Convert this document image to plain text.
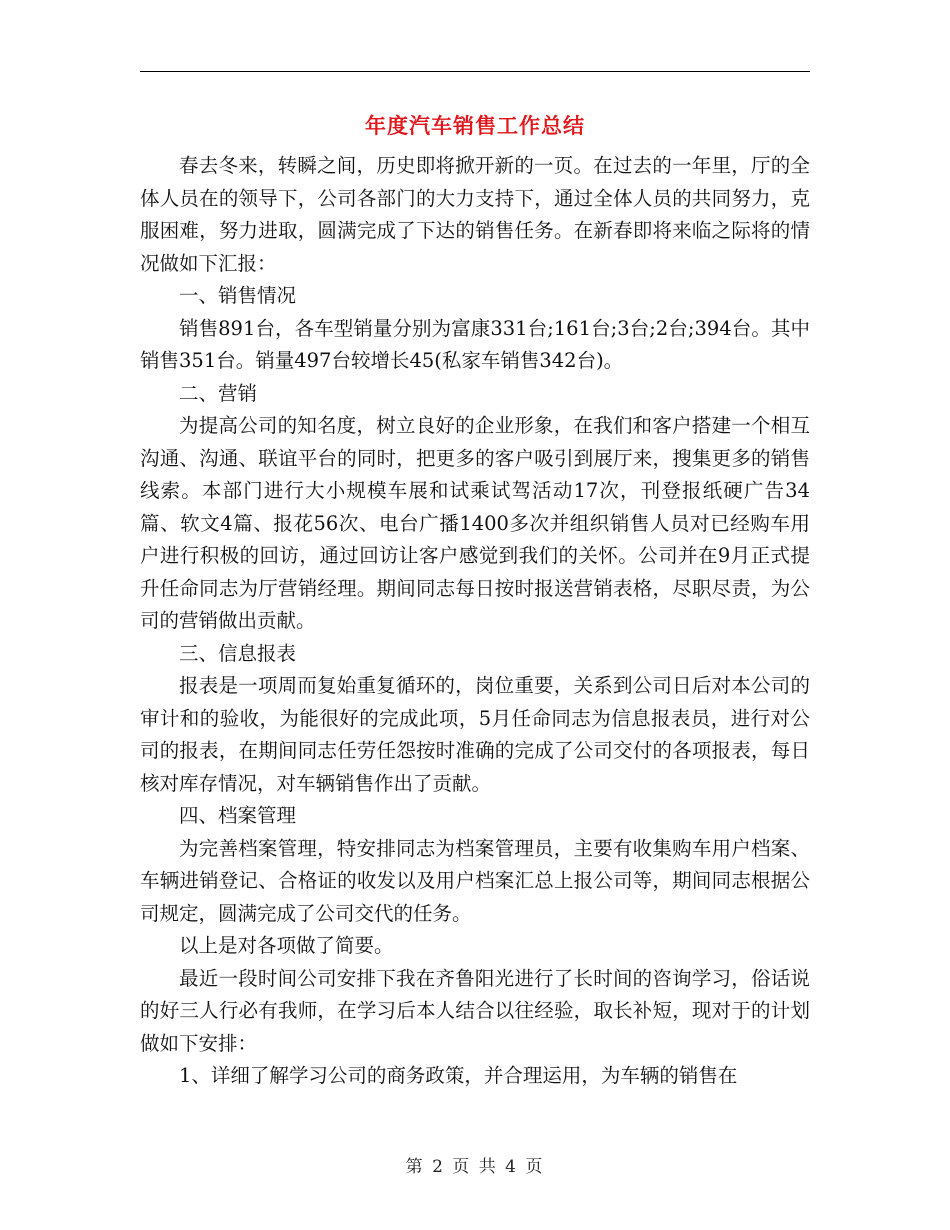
年度汽车销售工作总结

春去冬来，转瞬之间，历史即将掀开新的一页。在过去的一年里，厅的全体人员在的领导下，公司各部门的大力支持下，通过全体人员的共同努力，克服困难，努力进取，圆满完成了下达的销售任务。在新春即将来临之际将的情况做如下汇报：

一、销售情况

销售891台，各车型销量分别为富康331台;161台;3台;2台;394台。其中销售351台。销量497台较增长45(私家车销售342台)。

二、营销

为提高公司的知名度，树立良好的企业形象，在我们和客户搭建一个相互沟通、沟通、联谊平台的同时，把更多的客户吸引到展厅来，搜集更多的销售线索。本部门进行大小规模车展和试乘试驾活动17次，刊登报纸硬广告34篇、软文4篇、报花56次、电台广播1400多次并组织销售人员对已经购车用户进行积极的回访，通过回访让客户感觉到我们的关怀。公司并在9月正式提升任命同志为厅营销经理。期间同志每日按时报送营销表格，尽职尽责，为公司的营销做出贡献。

三、信息报表

报表是一项周而复始重复循环的，岗位重要，关系到公司日后对本公司的审计和的验收，为能很好的完成此项，5月任命同志为信息报表员，进行对公司的报表，在期间同志任劳任怨按时准确的完成了公司交付的各项报表，每日核对库存情况，对车辆销售作出了贡献。

四、档案管理

为完善档案管理，特安排同志为档案管理员，主要有收集购车用户档案、车辆进销登记、合格证的收发以及用户档案汇总上报公司等，期间同志根据公司规定，圆满完成了公司交代的任务。

以上是对各项做了简要。

最近一段时间公司安排下我在齐鲁阳光进行了长时间的咨询学习，俗话说的好三人行必有我师，在学习后本人结合以往经验，取长补短，现对于的计划做如下安排：

1、详细了解学习公司的商务政策，并合理运用，为车辆的销售在

第 2 页 共 4 页
